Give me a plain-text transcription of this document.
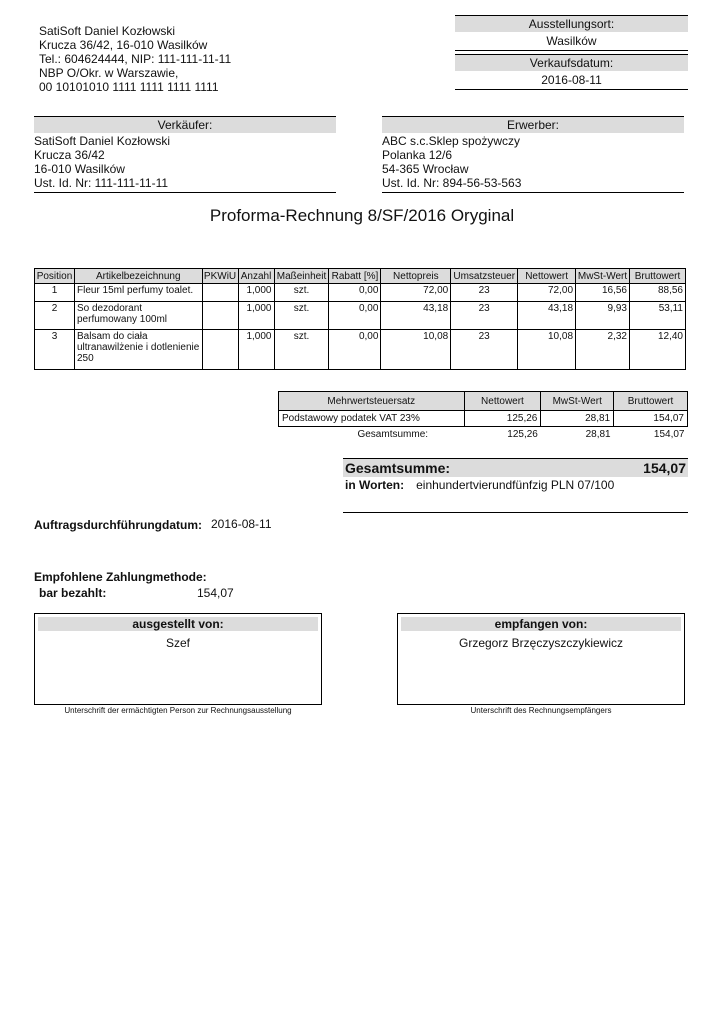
SatiSoft Daniel Kozłowski
Krucza 36/42, 16-010 Wasilków
Tel.: 604624444, NIP: 111-111-11-11
NBP O/Okr. w Warszawie,
00 10101010 1111 1111 1111 1111
Ausstellungsort:
Wasilków
Verkaufsdatum:
2016-08-11
Verkäufer:
SatiSoft Daniel Kozłowski
Krucza 36/42
16-010 Wasilków
Ust. Id. Nr: 111-111-11-11
Erwerber:
ABC s.c.Sklep spożywczy
Polanka 12/6
54-365 Wrocław
Ust. Id. Nr: 894-56-53-563
Proforma-Rechnung 8/SF/2016 Oryginal
Position	Artikelbezeichnung	PKWiU	Anzahl	Maßeinheit	Rabatt [%]	Nettopreis	Umsatzsteuer	Nettowert	MwSt-Wert	Bruttowert
1	Fleur 15ml perfumy toalet.		1,000	szt.	0,00	72,00	23	72,00	16,56	88,56
2	So dezodorant perfumowany 100ml		1,000	szt.	0,00	43,18	23	43,18	9,93	53,11
3	Balsam do ciała ultranawilżenie i dotlenienie 250		1,000	szt.	0,00	10,08	23	10,08	2,32	12,40
Mehrwertsteuersatz	Nettowert	MwSt-Wert	Bruttowert
Podstawowy podatek VAT 23%	125,26	28,81	154,07
Gesamtsumme:	125,26	28,81	154,07
Gesamtsumme:	154,07
in Worten: einhundertvierundfünfzig PLN 07/100
Auftragsdurchführungdatum: 2016-08-11
Empfohlene Zahlungmethode:
bar bezahlt:	154,07
ausgestellt von:
Szef
Unterschrift der ermächtigten Person zur Rechnungsausstellung
empfangen von:
Grzegorz Brzęczyszczykiewicz
Unterschrift des Rechnungsempfängers
